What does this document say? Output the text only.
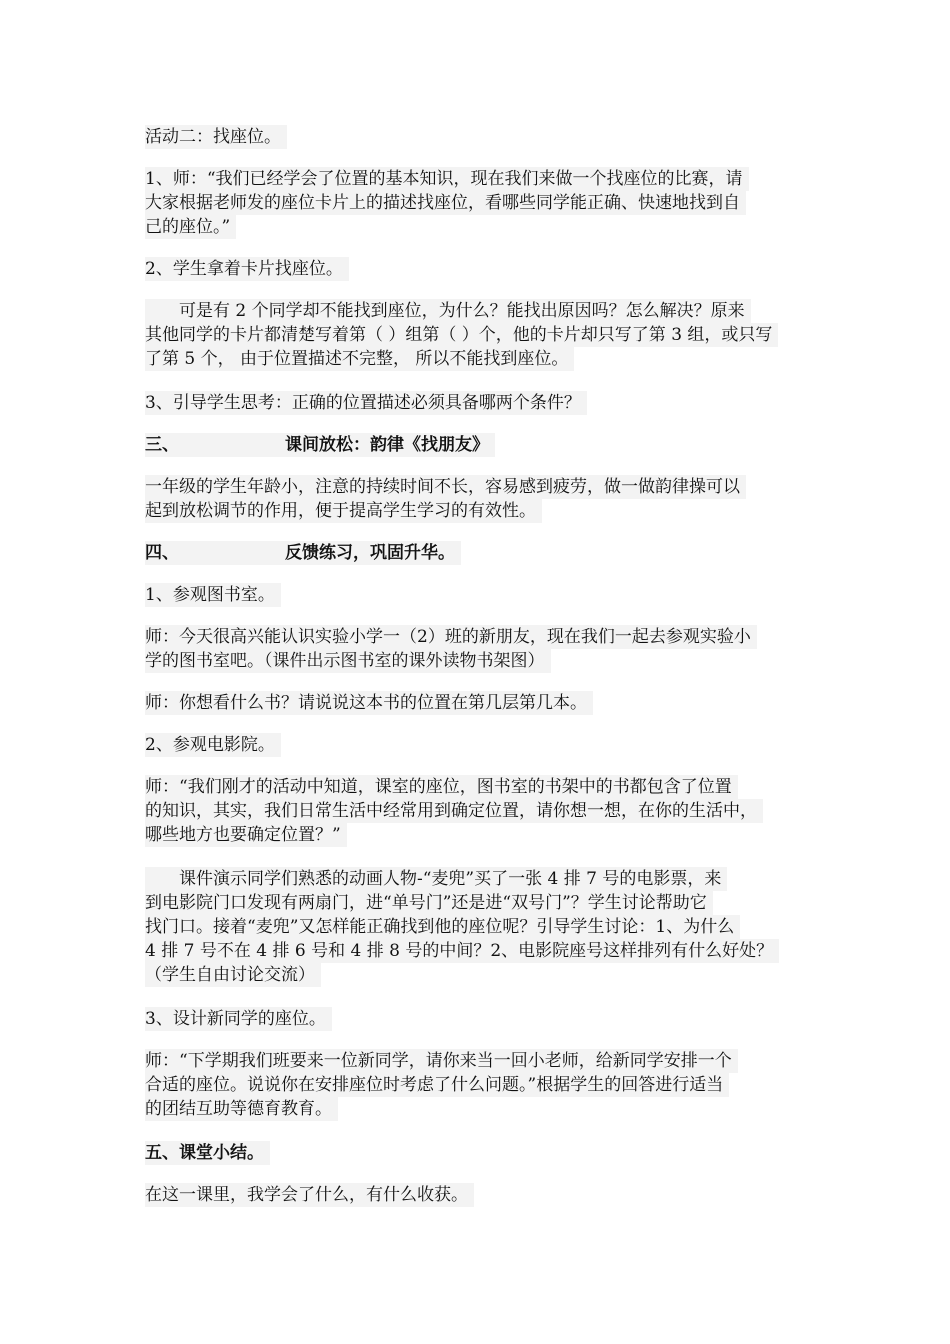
活动二：找座位。
1、师：“我们已经学会了位置的基本知识，现在我们来做一个找座位的比赛，请
大家根据老师发的座位卡片上的描述找座位，看哪些同学能正确、快速地找到自
己的座位。”
2、学生拿着卡片找座位。
可是有 2 个同学却不能找到座位，为什么？能找出原因吗？怎么解决？原来
其他同学的卡片都清楚写着第（ ）组第（ ）个，他的卡片却只写了第 3 组，或只写
了第 5 个， 由于位置描述不完整， 所以不能找到座位。
3、引导学生思考：正确的位置描述必须具备哪两个条件？
三、	课间放松：韵律《找朋友》
一年级的学生年龄小，注意的持续时间不长，容易感到疲劳，做一做韵律操可以
起到放松调节的作用，便于提高学生学习的有效性。
四、	反馈练习，巩固升华。
1、参观图书室。
师：今天很高兴能认识实验小学一（2）班的新朋友，现在我们一起去参观实验小
学的图书室吧。（课件出示图书室的课外读物书架图）
师：你想看什么书？请说说这本书的位置在第几层第几本。
2、参观电影院。
师：“我们刚才的活动中知道，课室的座位，图书室的书架中的书都包含了位置
的知识，其实，我们日常生活中经常用到确定位置，请你想一想，在你的生活中，
哪些地方也要确定位置？”
课件演示同学们熟悉的动画人物-“麦兜”买了一张 4 排 7 号的电影票，来
到电影院门口发现有两扇门，进“单号门”还是进“双号门”？学生讨论帮助它
找门口。接着“麦兜”又怎样能正确找到他的座位呢？引导学生讨论：1、为什么
4 排 7 号不在 4 排 6 号和 4 排 8 号的中间？2、电影院座号这样排列有什么好处？
（学生自由讨论交流）
3、设计新同学的座位。
师：“下学期我们班要来一位新同学，请你来当一回小老师，给新同学安排一个
合适的座位。说说你在安排座位时考虑了什么问题。”根据学生的回答进行适当
的团结互助等德育教育。
五、课堂小结。
在这一课里，我学会了什么，有什么收获。
